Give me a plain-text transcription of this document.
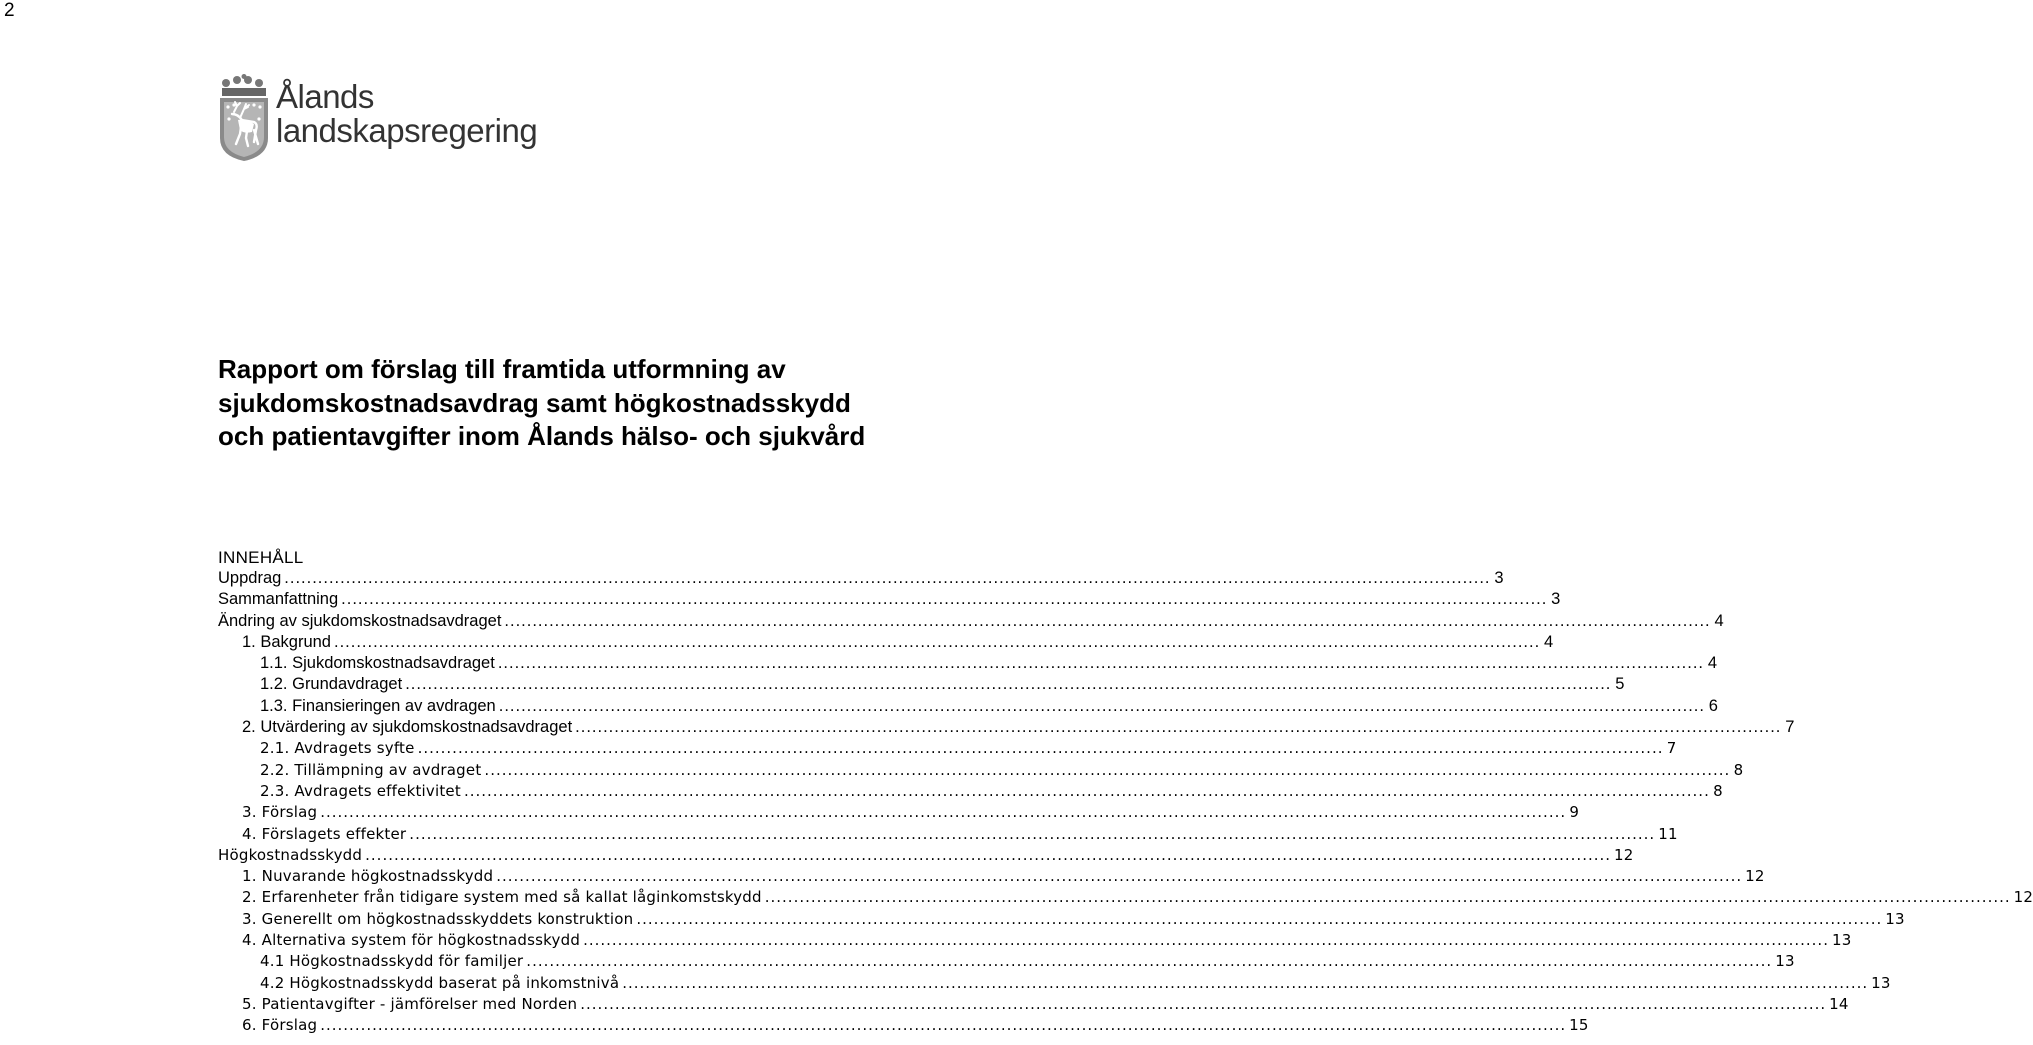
2
Ålands
landskapsregering
Rapport om förslag till framtida utformning av
sjukdomskostnadsavdrag samt högkostnadsskydd
och patientavgifter inom Ålands hälso- och sjukvård
INNEHÅLL
Uppdrag .....	3
Sammanfattning .....	3
Ändring av sjukdomskostnadsavdraget .....	4
1. Bakgrund .....	4
1.1. Sjukdomskostnadsavdraget .....	4
1.2. Grundavdraget .....	5
1.3. Finansieringen av avdragen .....	6
2. Utvärdering av sjukdomskostnadsavdraget .....	7
2.1. Avdragets syfte .....	7
2.2. Tillämpning av avdraget .....	8
2.3. Avdragets effektivitet .....	8
3. Förslag .....	9
4. Förslagets effekter .....	11
Högkostnadsskydd .....	12
1. Nuvarande högkostnadsskydd .....	12
2. Erfarenheter från tidigare system med så kallat låginkomstskydd .....	12
3. Generellt om högkostnadsskyddets konstruktion .....	13
4. Alternativa system för högkostnadsskydd .....	13
4.1 Högkostnadsskydd för familjer .....	13
4.2 Högkostnadsskydd baserat på inkomstnivå .....	13
5. Patientavgifter - jämförelser med Norden .....	14
6. Förslag .....	15
